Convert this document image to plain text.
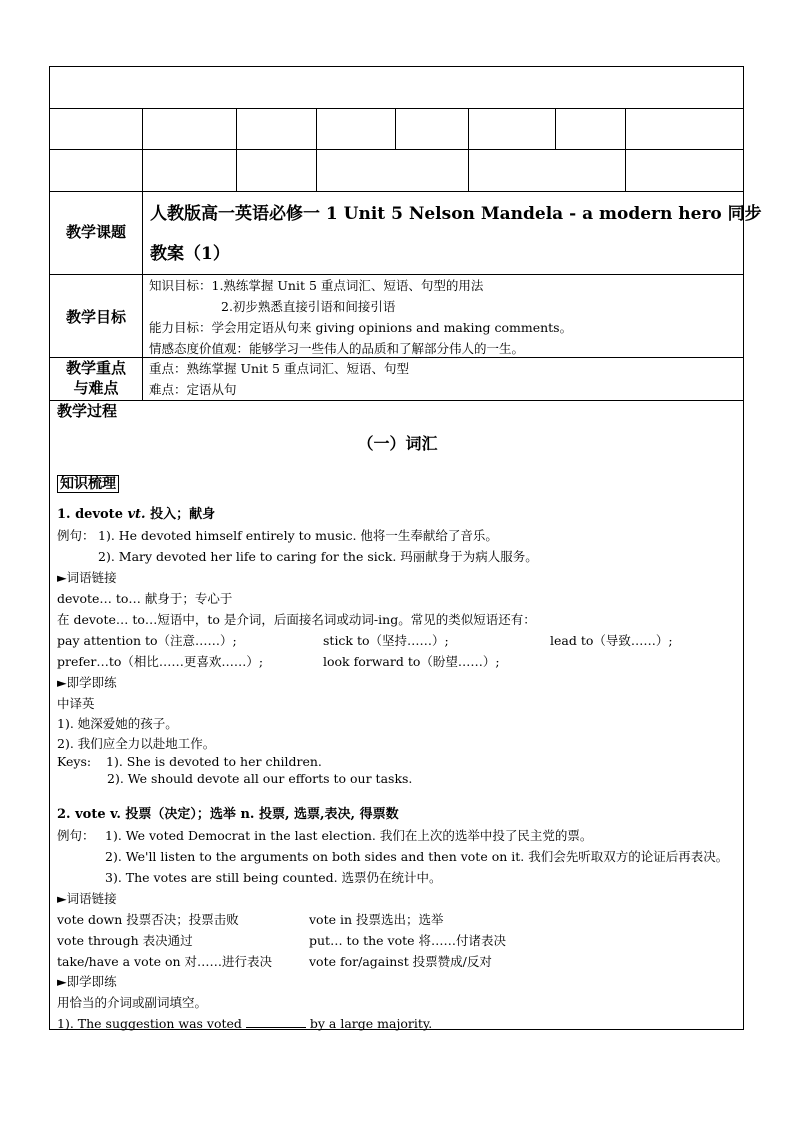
教学课题
人教版高一英语必修一 1 Unit 5 Nelson Mandela - a modern hero 同步
教案（1）
教学目标
知识目标：1.熟练掌握 Unit 5 重点词汇、短语、句型的用法
2.初步熟悉直接引语和间接引语
能力目标：学会用定语从句来 giving opinions and making comments。
情感态度价值观：能够学习一些伟人的品质和了解部分伟人的一生。
教学重点
与难点
重点：熟练掌握 Unit 5 重点词汇、短语、句型
难点：定语从句
教学过程
（一）词汇
知识梳理
1. devote vt. 投入；献身
例句： 1). He devoted himself entirely to music. 他将一生奉献给了音乐。
2). Mary devoted her life to caring for the sick. 玛丽献身于为病人服务。
►词语链接
devote… to… 献身于；专心于
在 devote… to…短语中，to 是介词，后面接名词或动词-ing。常见的类似短语还有：
pay attention to（注意……）;	stick to（坚持……）;	lead to（导致……）;
prefer…to（相比……更喜欢……）;	look forward to（盼望……）;
►即学即练
中译英
1). 她深爱她的孩子。
2). 我们应全力以赴地工作。
Keys: 1). She is devoted to her children.
2). We should devote all our efforts to our tasks.
2. vote v. 投票（决定）；选举 n. 投票, 选票,表决, 得票数
例句： 1). We voted Democrat in the last election. 我们在上次的选举中投了民主党的票。
2). We'll listen to the arguments on both sides and then vote on it. 我们会先听取双方的论证后再表决。
3). The votes are still being counted. 选票仍在统计中。
►词语链接
vote down 投票否决；投票击败	vote in 投票选出；选举
vote through 表决通过	put… to the vote 将……付诸表决
take/have a vote on 对……进行表决	vote for/against 投票赞成/反对
►即学即练
用恰当的介词或副词填空。
1). The suggestion was voted	by a large majority.
